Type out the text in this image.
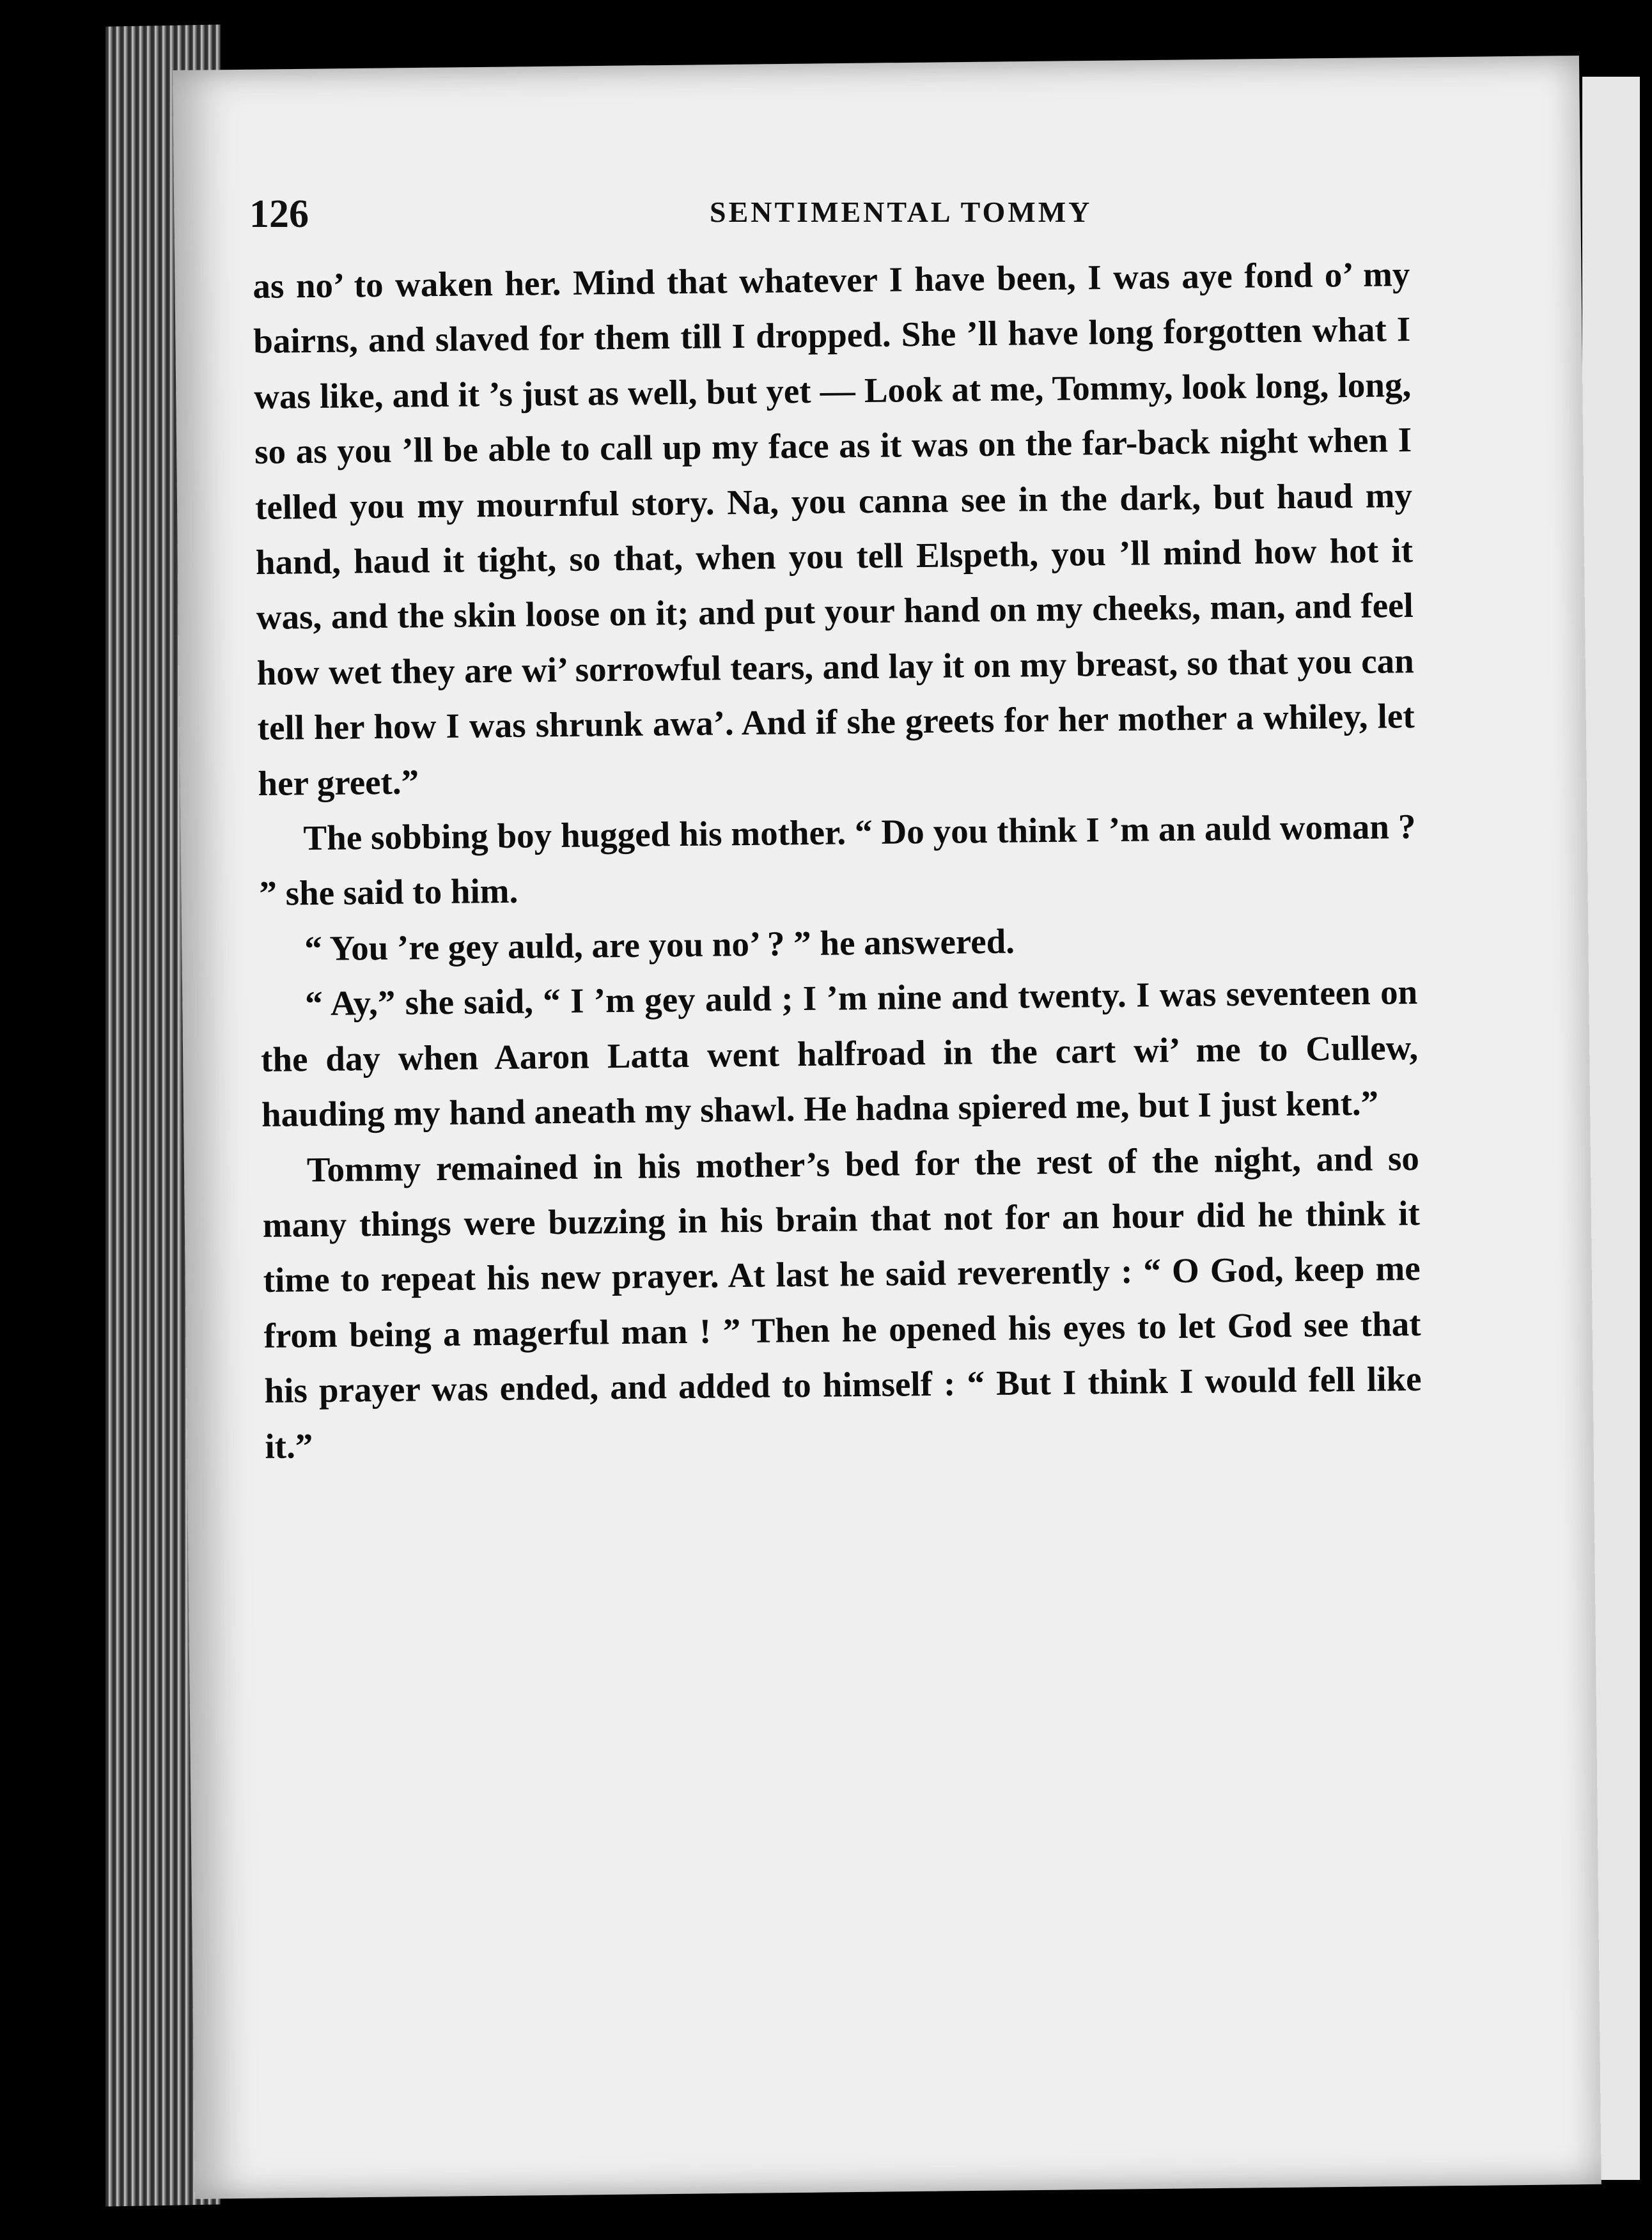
126	SENTIMENTAL TOMMY

as no’ to waken her. Mind that whatever I have been, I was aye fond o’ my bairns, and slaved for them till I dropped. She ’ll have long forgotten what I was like, and it ’s just as well, but yet — Look at me, Tommy, look long, long, so as you ’ll be able to call up my face as it was on the far-back night when I telled you my mournful story. Na, you canna see in the dark, but haud my hand, haud it tight, so that, when you tell Elspeth, you ’ll mind how hot it was, and the skin loose on it; and put your hand on my cheeks, man, and feel how wet they are wi’ sorrowful tears, and lay it on my breast, so that you can tell her how I was shrunk awa’. And if she greets for her mother a whiley, let her greet.”

The sobbing boy hugged his mother. “ Do you think I ’m an auld woman ? ” she said to him.

“ You ’re gey auld, are you no’ ? ” he answered.

“ Ay,” she said, “ I ’m gey auld ; I ’m nine and twenty. I was seventeen on the day when Aaron Latta went halfroad in the cart wi’ me to Cullew, hauding my hand aneath my shawl. He hadna spiered me, but I just kent.”

Tommy remained in his mother’s bed for the rest of the night, and so many things were buzzing in his brain that not for an hour did he think it time to repeat his new prayer. At last he said reverently : “ O God, keep me from being a magerful man ! ” Then he opened his eyes to let God see that his prayer was ended, and added to himself : “ But I think I would fell like it.”
